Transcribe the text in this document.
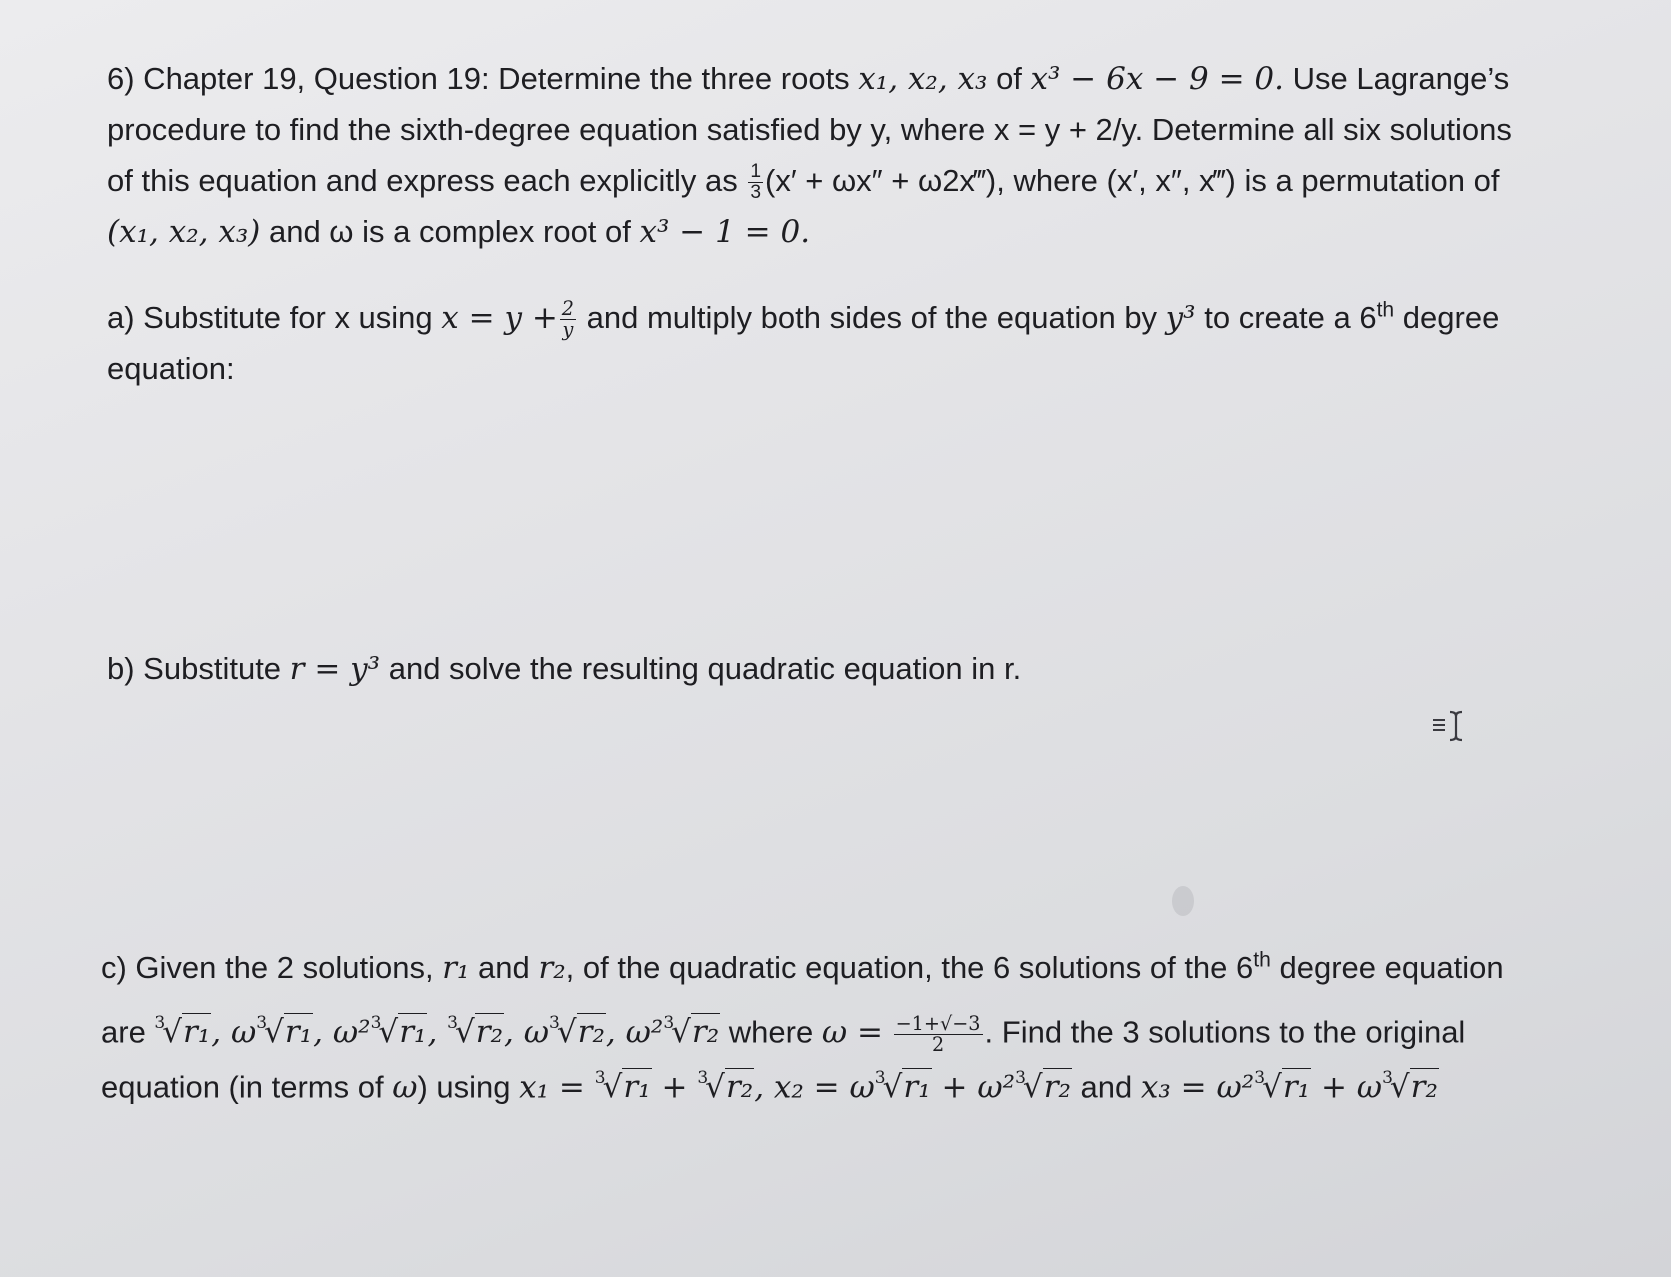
6) Chapter 19, Question 19: Determine the three roots x₁, x₂, x₃ of x³ − 6x − 9 = 0. Use Lagrange’s
procedure to find the sixth-degree equation satisfied by y, where x = y + 2/y. Determine all six solutions
of this equation and express each explicitly as $\frac{1}{3} (x' + \omega x''$ + ω2x‴), where (x′, x″, x‴) is a permutation of
(x₁, x₂, x₃) and ω is a complex root of x³ − 1 = 0.
a) Substitute for x using $x = y + \frac{2}{y}$ and multiply both sides of the equation by y³ to create a 6th degree
equation:
b) Substitute r = y³ and solve the resulting quadratic equation in r.
c) Given the 2 solutions, r₁ and r₂, of the quadratic equation, the 6 solutions of the 6th degree equation
are $^3$√r₁, $\omega^3√r_1$, ω²$^3$√r₁, $^3$√r₂, $\omega^3√r_2$, ω²$^3$√r₂ where $\omega = \frac{-1+√-3}{2}$ . Find the 3 solutions to the original
equation (in terms of ω) using x₁ = $^3$√r₁ + $^3$√r₂, $x_2 = \omega^3√r_1 + \omega^2^3√r_2$ and $x_3 = \omega^2^3√r_1 + \omega^3√r_2$
